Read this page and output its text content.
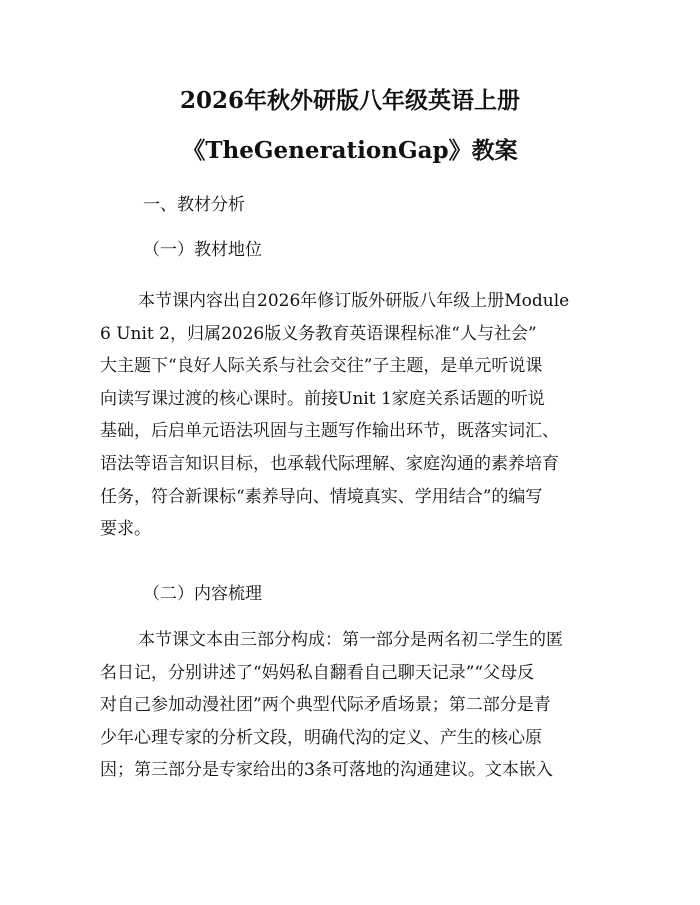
2026年秋外研版八年级英语上册
《TheGenerationGap》教案
一、教材分析
（一）教材地位
本节课内容出自2026年修订版外研版八年级上册Module
6 Unit 2，归属2026版义务教育英语课程标准“人与社会”
大主题下“良好人际关系与社会交往”子主题，是单元听说课
向读写课过渡的核心课时。前接Unit 1家庭关系话题的听说
基础，后启单元语法巩固与主题写作输出环节，既落实词汇、
语法等语言知识目标，也承载代际理解、家庭沟通的素养培育
任务，符合新课标“素养导向、情境真实、学用结合”的编写
要求。
（二）内容梳理
本节课文本由三部分构成：第一部分是两名初二学生的匿
名日记，分别讲述了“妈妈私自翻看自己聊天记录”“父母反
对自己参加动漫社团”两个典型代际矛盾场景；第二部分是青
少年心理专家的分析文段，明确代沟的定义、产生的核心原
因；第三部分是专家给出的3条可落地的沟通建议。文本嵌入
